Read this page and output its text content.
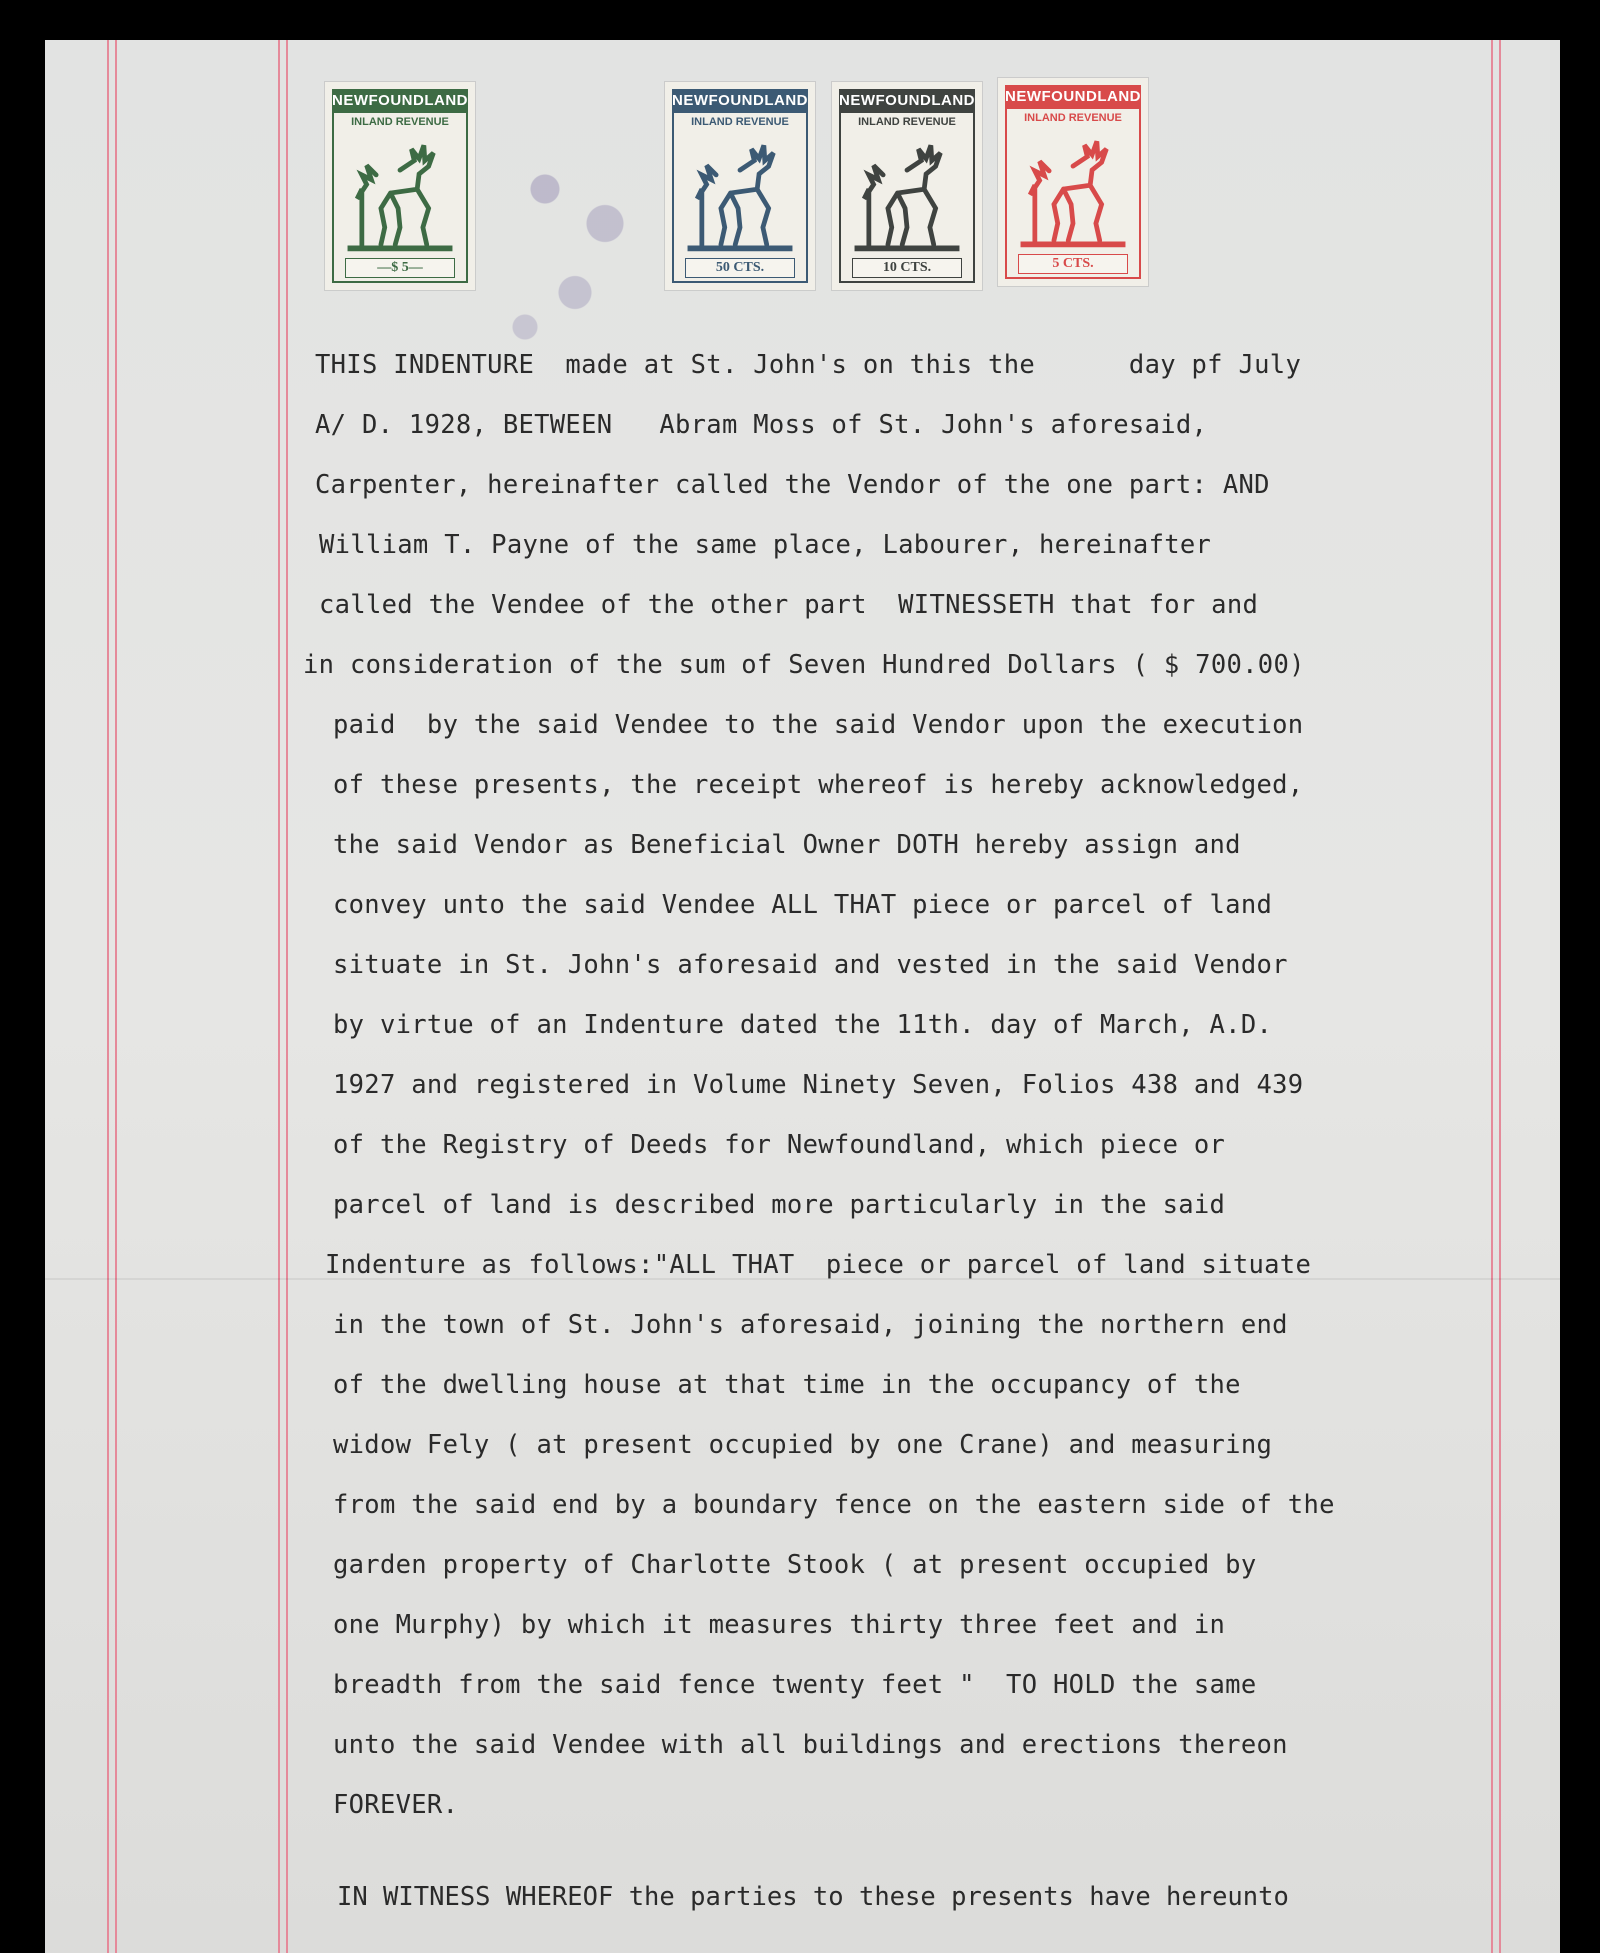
NEWFOUNDLAND
INLAND REVENUE
—$ 5—
NEWFOUNDLAND
INLAND REVENUE
50 CTS.
NEWFOUNDLAND
INLAND REVENUE
10 CTS.
NEWFOUNDLAND
INLAND REVENUE
5 CTS.
THIS INDENTURE  made at St. John's on this the      day pf July
A/ D. 1928, BETWEEN   Abram Moss of St. John's aforesaid,
Carpenter, hereinafter called the Vendor of the one part: AND
William T. Payne of the same place, Labourer, hereinafter
called the Vendee of the other part  WITNESSETH that for and
in consideration of the sum of Seven Hundred Dollars ( $ 700.00)
paid  by the said Vendee to the said Vendor upon the execution
of these presents, the receipt whereof is hereby acknowledged,
the said Vendor as Beneficial Owner DOTH hereby assign and
convey unto the said Vendee ALL THAT piece or parcel of land
situate in St. John's aforesaid and vested in the said Vendor
by virtue of an Indenture dated the 11th. day of March, A.D.
1927 and registered in Volume Ninety Seven, Folios 438 and 439
of the Registry of Deeds for Newfoundland, which piece or
parcel of land is described more particularly in the said
Indenture as follows:"ALL THAT  piece or parcel of land situate
in the town of St. John's aforesaid, joining the northern end
of the dwelling house at that time in the occupancy of the
widow Fely ( at present occupied by one Crane) and measuring
from the said end by a boundary fence on the eastern side of the
garden property of Charlotte Stook ( at present occupied by
one Murphy) by which it measures thirty three feet and in
breadth from the said fence twenty feet "  TO HOLD the same
unto the said Vendee with all buildings and erections thereon
FOREVER.
IN WITNESS WHEREOF the parties to these presents have hereunto
